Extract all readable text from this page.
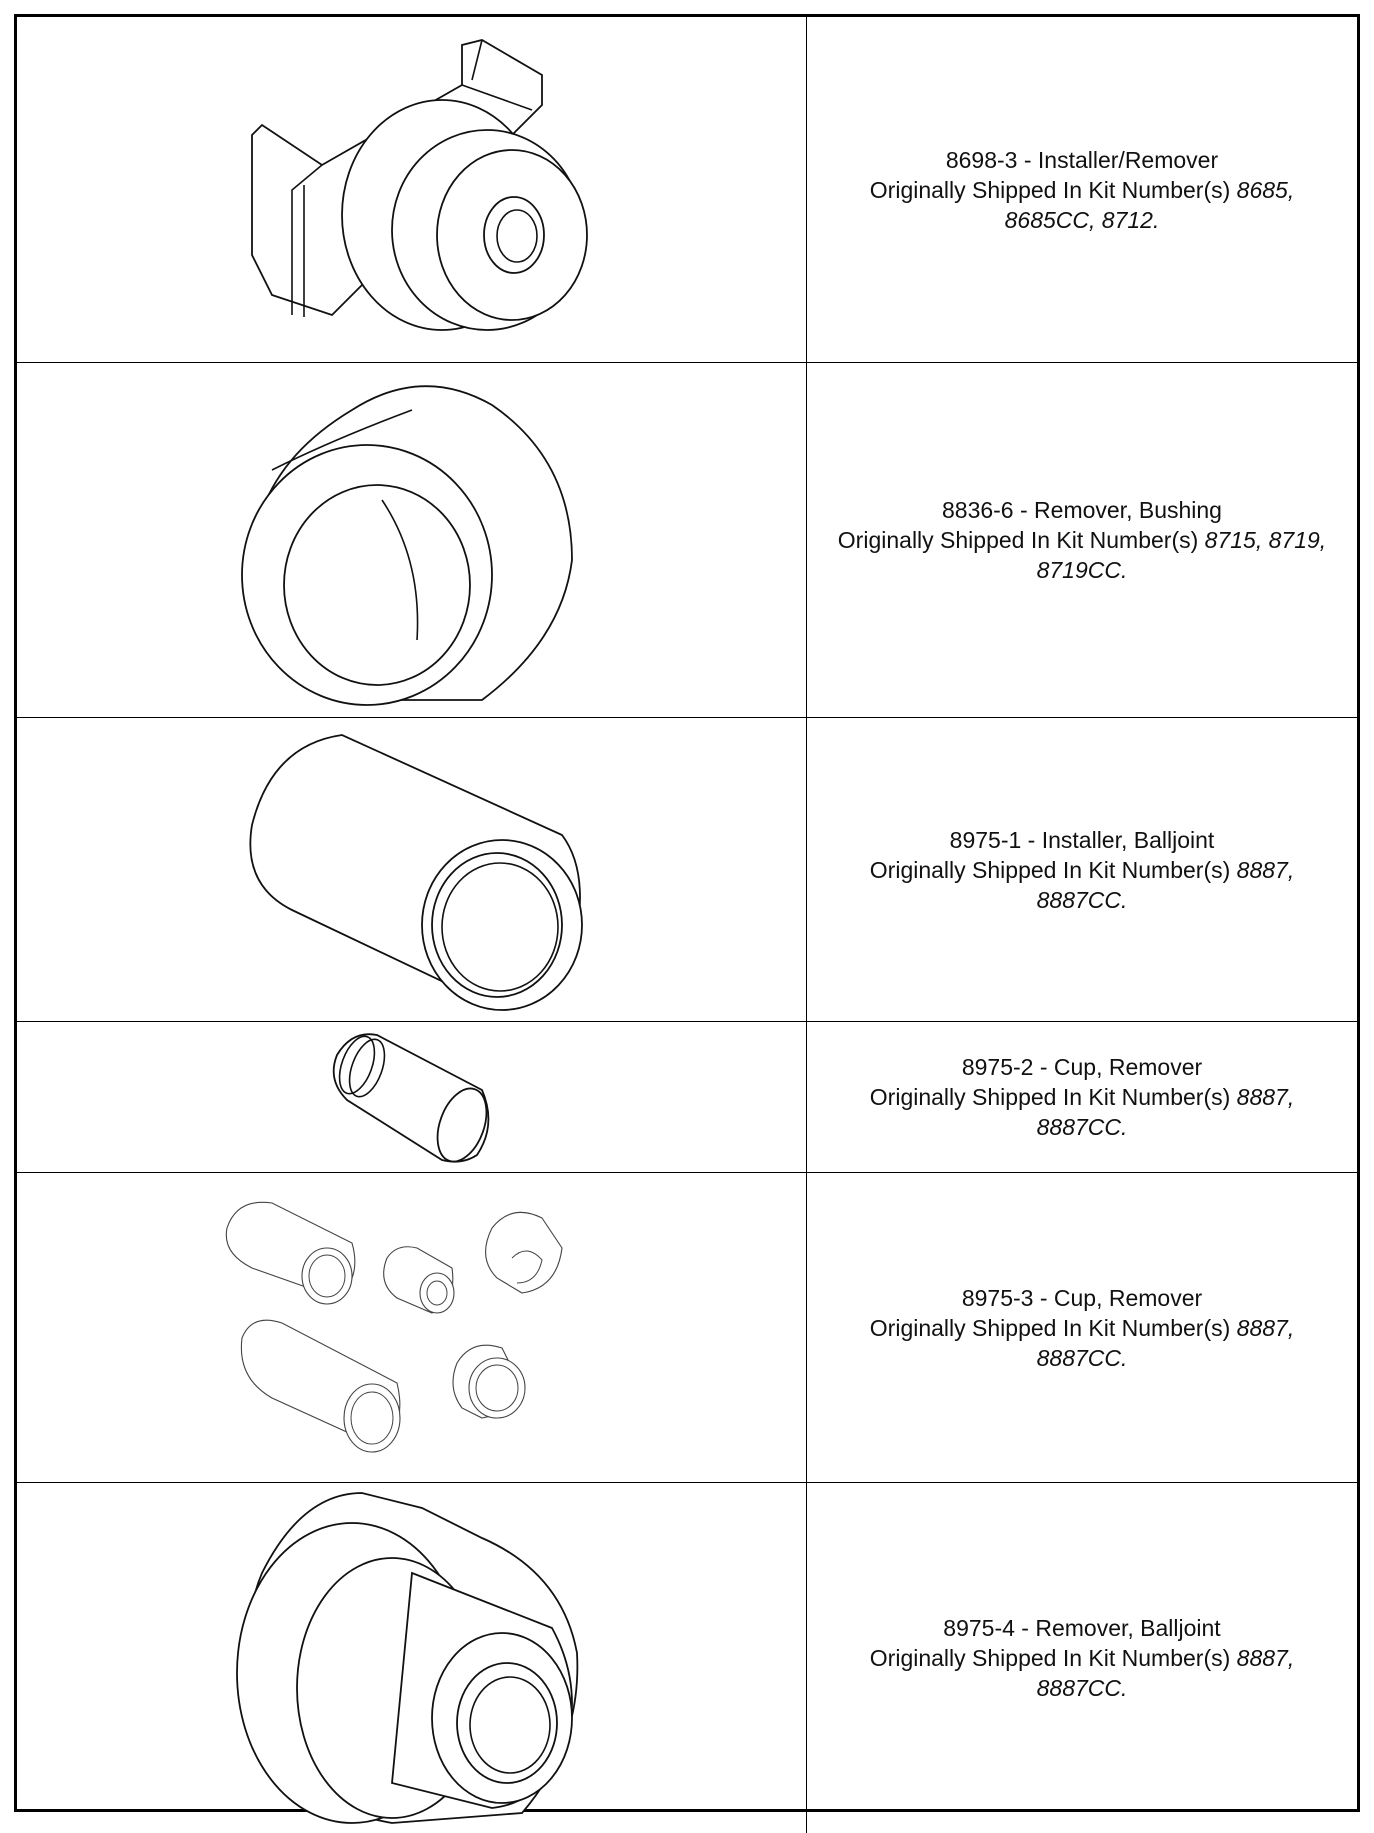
8698-3 - Installer/Remover

Originally Shipped In Kit Number(s) 8685,

8685CC, 8712.

8836-6 - Remover, Bushing

Originally Shipped In Kit Number(s) 8715, 8719,

8719CC.

8975-1 - Installer, Balljoint

Originally Shipped In Kit Number(s) 8887,

8887CC.

8975-2 - Cup, Remover

Originally Shipped In Kit Number(s) 8887,

8887CC.

8975-3 - Cup, Remover

Originally Shipped In Kit Number(s) 8887,

8887CC.

8975-4 - Remover, Balljoint

Originally Shipped In Kit Number(s) 8887,

8887CC.
